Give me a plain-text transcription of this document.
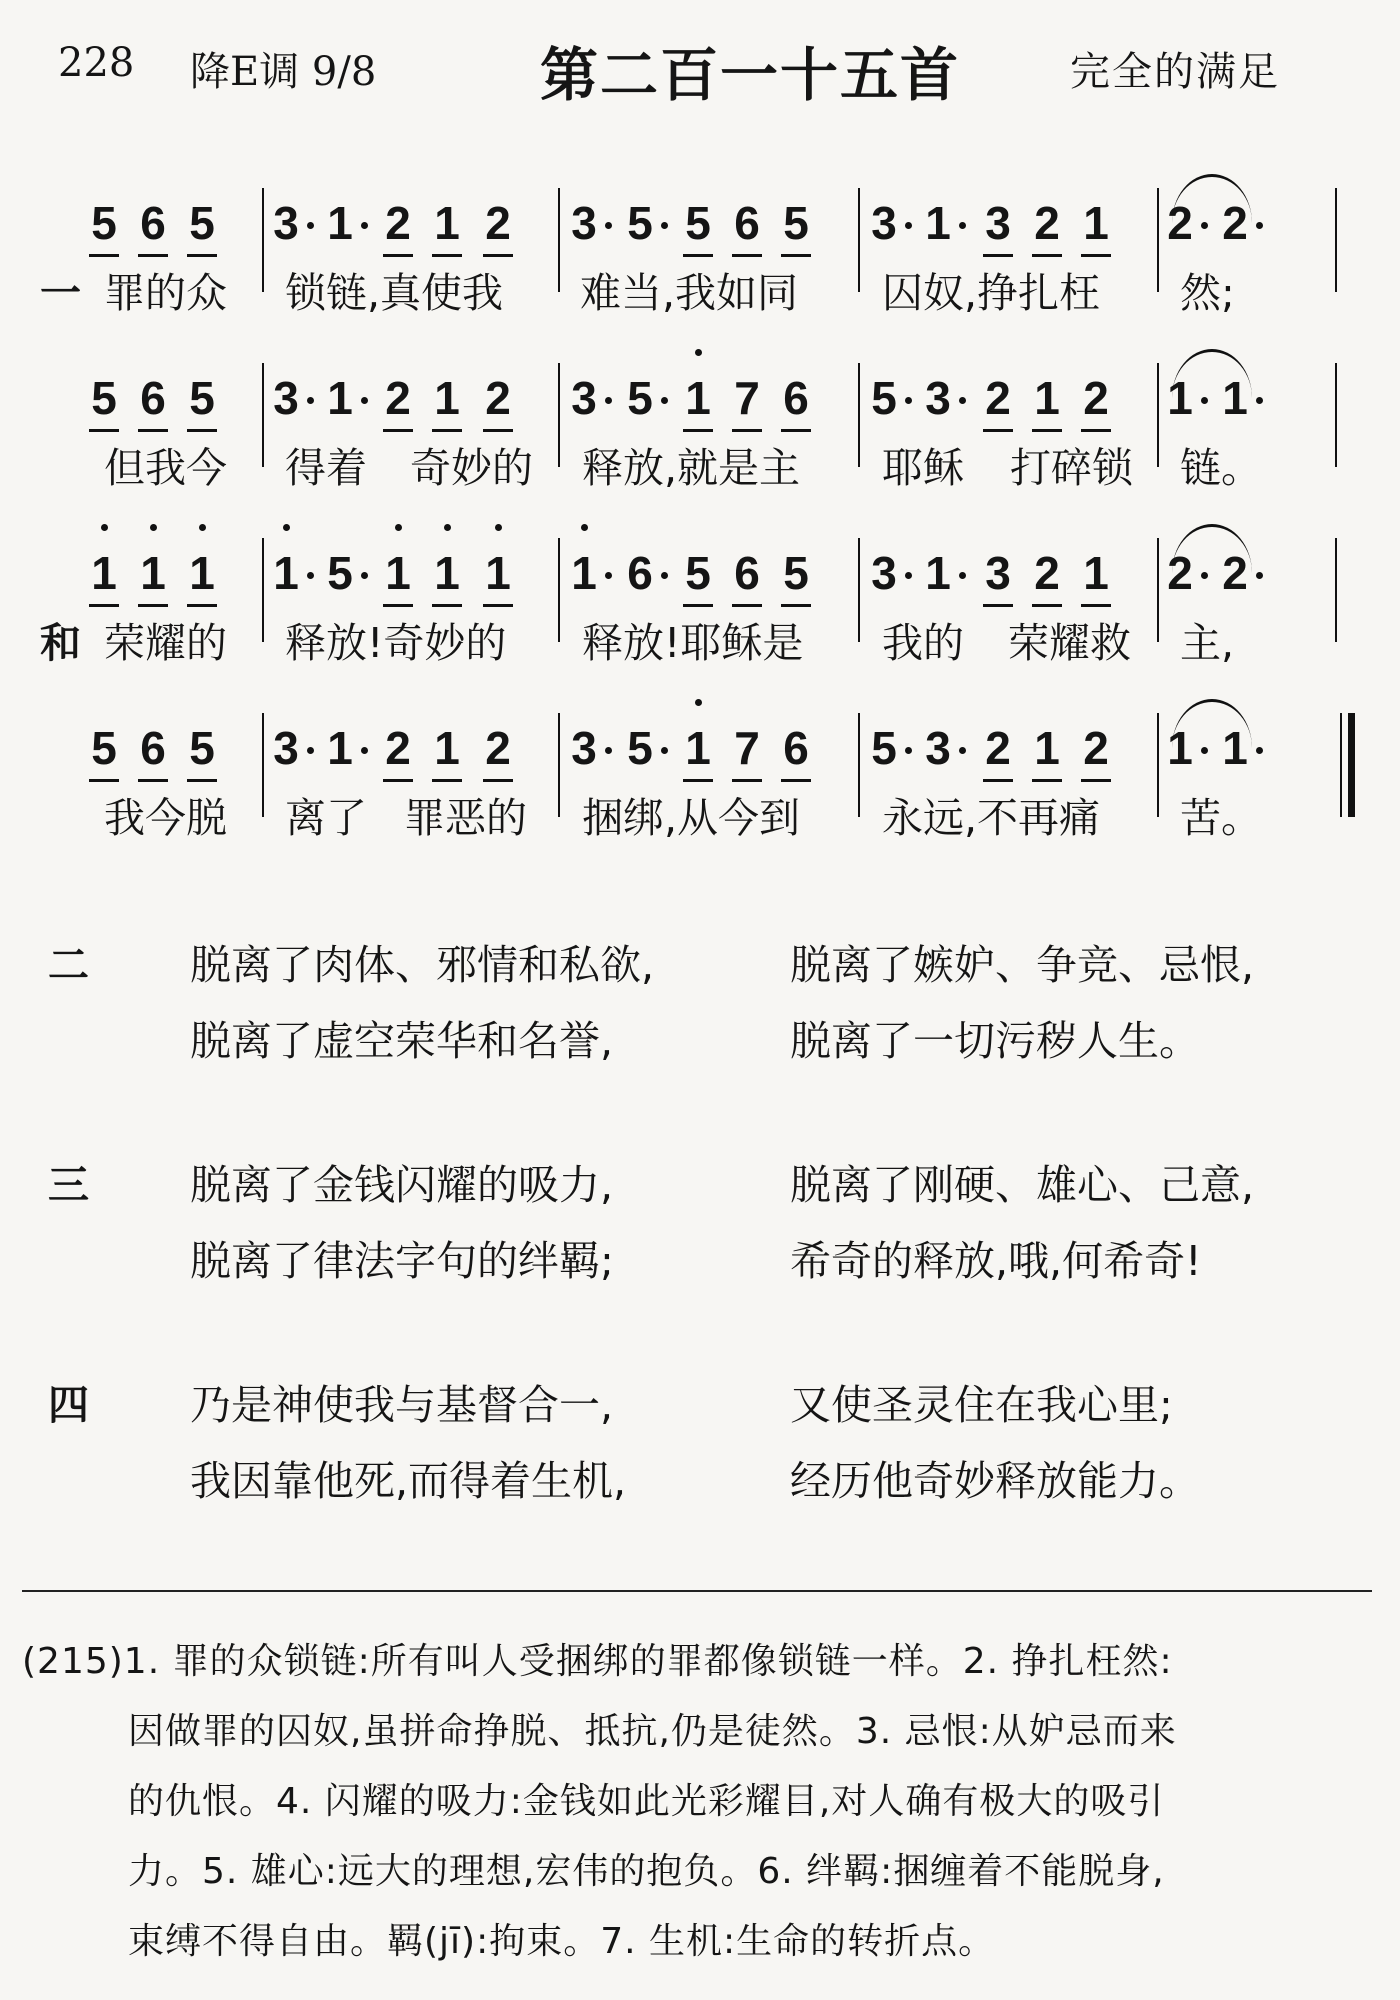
228 降E调 9/8	第二百一十五首	完全的满足
5 6 5 3 1 2 1 2 3 5 5 6 5 3 1 3 2 1 2 2
一 罪的众 锁链,真使我 难当,我如同 囚奴,挣扎枉 然;
5 6 5 3 1 2 1 2 3 5 1 7 6 5 3 2 1 2 1 1
但我今 得着 奇妙的 释放,就是主 耶稣 打碎锁 链。
1 1 1 1 5 1 1 1 1 6 5 6 5 3 1 3 2 1 2 2
和 荣耀的 释放!奇妙的 释放!耶稣是 我的 荣耀救 主,
5 6 5 3 1 2 1 2 3 5 1 7 6 5 3 2 1 2 1 1
我今脱 离了 罪恶的 捆绑,从今到 永远,不再痛 苦。
二 脱离了肉体、邪情和私欲,	脱离了嫉妒、争竞、忌恨,
脱离了虚空荣华和名誉,	脱离了一切污秽人生。
三 脱离了金钱闪耀的吸力,	脱离了刚硬、雄心、己意,
脱离了律法字句的绊羁;	希奇的释放,哦,何希奇!
四 乃是神使我与基督合一,	又使圣灵住在我心里;
我因靠他死,而得着生机,	经历他奇妙释放能力。
(215)1. 罪的众锁链:所有叫人受捆绑的罪都像锁链一样。2. 挣扎枉然:
因做罪的囚奴,虽拼命挣脱、抵抗,仍是徒然。3. 忌恨:从妒忌而来
的仇恨。4. 闪耀的吸力:金钱如此光彩耀目,对人确有极大的吸引
力。5. 雄心:远大的理想,宏伟的抱负。6. 绊羁:捆缠着不能脱身,
束缚不得自由。羁(jī):拘束。7. 生机:生命的转折点。
